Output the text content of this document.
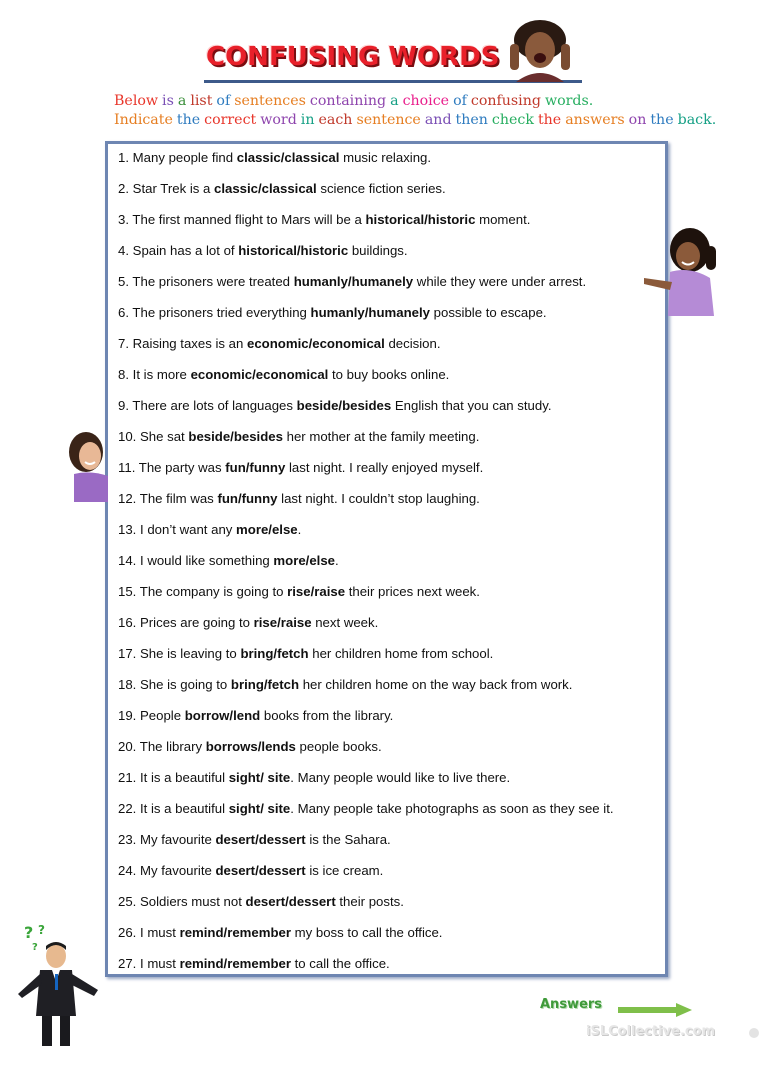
CONFUSING WORDS

Below is a list of sentences containing a choice of confusing words.
Indicate the correct word in each sentence and then check the answers on the back.

1. Many people find classic/classical music relaxing.
2. Star Trek is a classic/classical science fiction series.
3. The first manned flight to Mars will be a historical/historic moment.
4. Spain has a lot of historical/historic buildings.
5. The prisoners were treated humanly/humanely while they were under arrest.
6. The prisoners tried everything humanly/humanely possible to escape.
7. Raising taxes is an economic/economical decision.
8. It is more economic/economical to buy books online.
9. There are lots of languages beside/besides English that you can study.
10. She sat beside/besides her mother at the family meeting.
11. The party was fun/funny last night. I really enjoyed myself.
12. The film was fun/funny last night. I couldn’t stop laughing.
13. I don’t want any more/else.
14. I would like something more/else.
15. The company is going to rise/raise their prices next week.
16. Prices are going to rise/raise next week.
17. She is leaving to bring/fetch her children home from school.
18. She is going to bring/fetch her children home on the way back from work.
19. People borrow/lend books from the library.
20. The library borrows/lends people books.
21. It is a beautiful sight/ site. Many people would like to live there.
22. It is a beautiful sight/ site. Many people take photographs as soon as they see it.
23. My favourite desert/dessert is the Sahara.
24. My favourite desert/dessert is ice cream.
25. Soldiers must not desert/dessert their posts.
26. I must remind/remember my boss to call the office.
27. I must remind/remember to call the office.
? ?
?

Answers

iSLCollective.com
